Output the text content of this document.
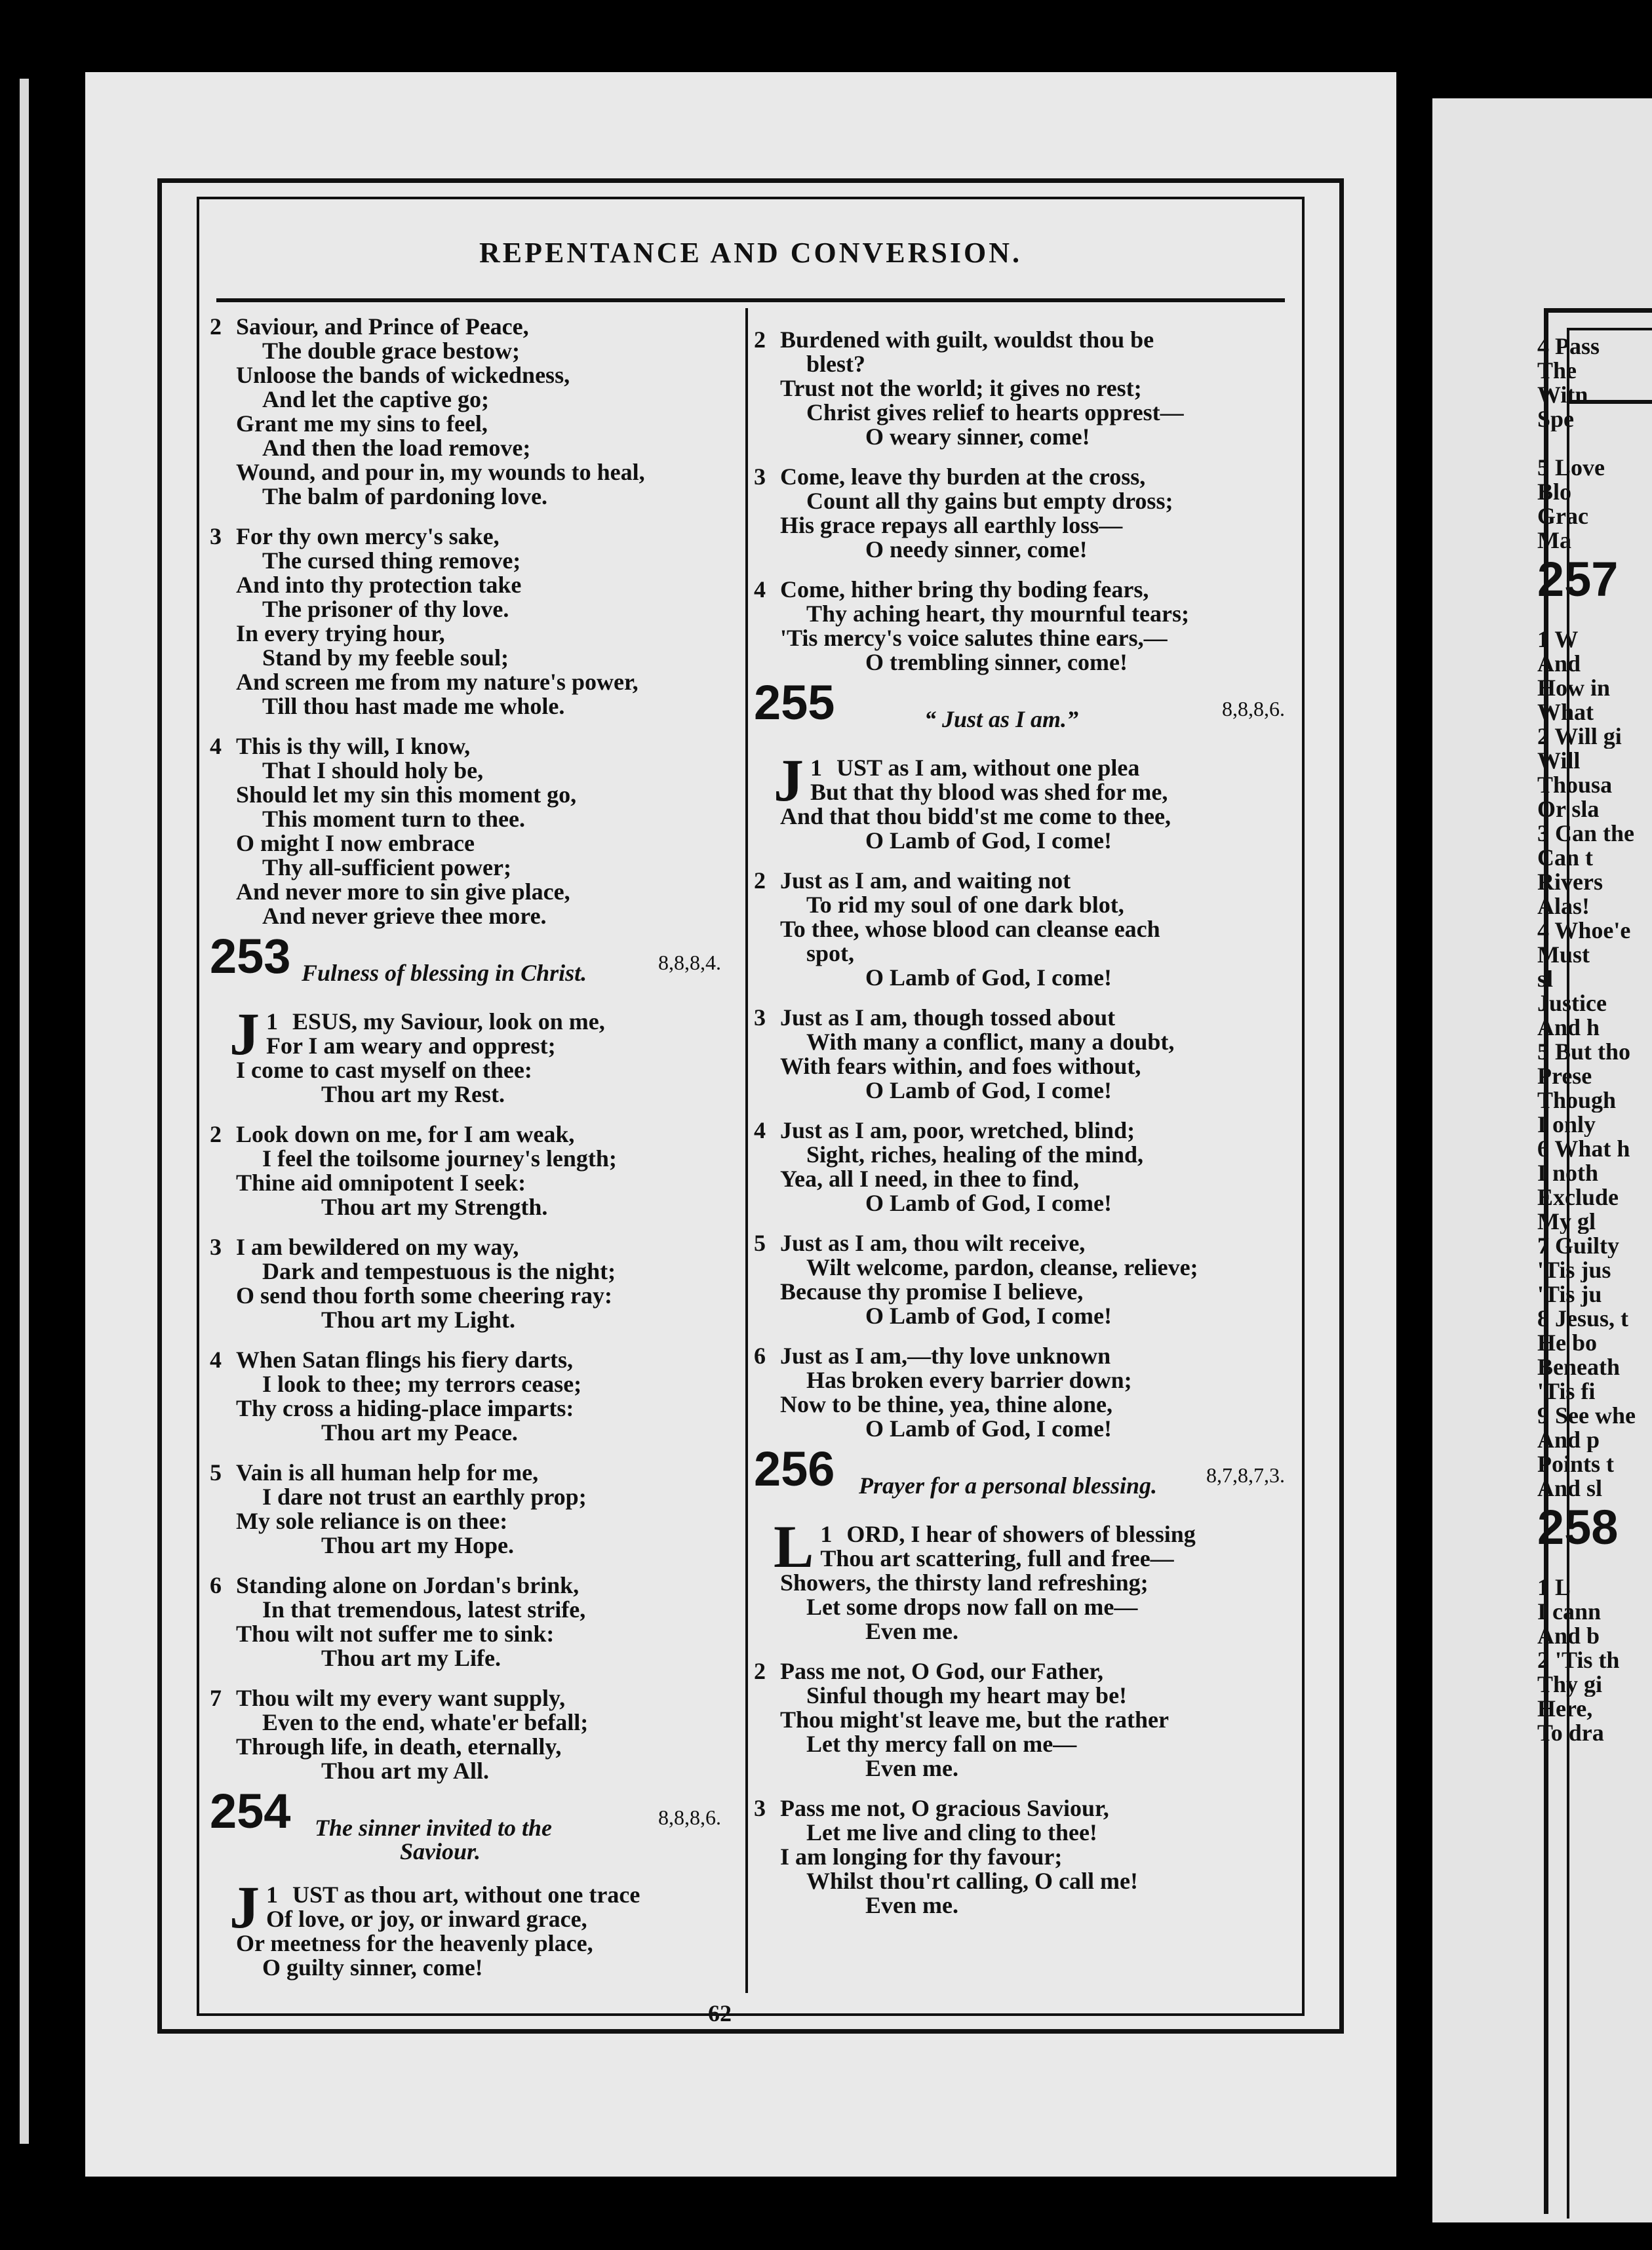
REPENTANCE AND CONVERSION.
2 Saviour, and Prince of Peace,
The double grace bestow;
Unloose the bands of wickedness,
And let the captive go;
Grant me my sins to feel,
And then the load remove;
Wound, and pour in, my wounds to heal,
The balm of pardoning love.
3 For thy own mercy's sake,
The cursed thing remove;
And into thy protection take
The prisoner of thy love.
In every trying hour,
Stand by my feeble soul;
And screen me from my nature's power,
Till thou hast made me whole.
4 This is thy will, I know,
That I should holy be,
Should let my sin this moment go,
This moment turn to thee.
O might I now embrace
Thy all-sufficient power;
And never more to sin give place,
And never grieve thee more.
253 Fulness of blessing in Christ.	8,8,8,4.
1
J ESUS, my Saviour, look on me,
For I am weary and opprest;
I come to cast myself on thee:
Thou art my Rest.
2 Look down on me, for I am weak,
I feel the toilsome journey's length;
Thine aid omnipotent I seek:
Thou art my Strength.
3 I am bewildered on my way,
Dark and tempestuous is the night;
O send thou forth some cheering ray:
Thou art my Light.
4 When Satan flings his fiery darts,
I look to thee; my terrors cease;
Thy cross a hiding-place imparts:
Thou art my Peace.
5 Vain is all human help for me,
I dare not trust an earthly prop;
My sole reliance is on thee:
Thou art my Hope.
6 Standing alone on Jordan's brink,
In that tremendous, latest strife,
Thou wilt not suffer me to sink:
Thou art my Life.
7 Thou wilt my every want supply,
Even to the end, whate'er befall;
Through life, in death, eternally,
Thou art my All.
254 The sinner invited to the
Saviour.
8,8,8,6.
1
J UST as thou art, without one trace
Of love, or joy, or inward grace,
Or meetness for the heavenly place,
O guilty sinner, come!
2 Burdened with guilt, wouldst thou be
blest?
Trust not the world; it gives no rest;
Christ gives relief to hearts opprest—
O weary sinner, come!
3 Come, leave thy burden at the cross,
Count all thy gains but empty dross;
His grace repays all earthly loss—
O needy sinner, come!
4 Come, hither bring thy boding fears,
Thy aching heart, thy mournful tears;
'Tis mercy's voice salutes thine ears,—
O trembling sinner, come!
255	“ Just as I am.”	8,8,8,6.
1
J UST as I am, without one plea
But that thy blood was shed for me,
And that thou bidd'st me come to thee,
O Lamb of God, I come!
2 Just as I am, and waiting not
To rid my soul of one dark blot,
To thee, whose blood can cleanse each
spot,
O Lamb of God, I come!
3 Just as I am, though tossed about
With many a conflict, many a doubt,
With fears within, and foes without,
O Lamb of God, I come!
4 Just as I am, poor, wretched, blind;
Sight, riches, healing of the mind,
Yea, all I need, in thee to find,
O Lamb of God, I come!
5 Just as I am, thou wilt receive,
Wilt welcome, pardon, cleanse, relieve;
Because thy promise I believe,
O Lamb of God, I come!
6 Just as I am,—thy love unknown
Has broken every barrier down;
Now to be thine, yea, thine alone,
O Lamb of God, I come!
256 Prayer for a personal blessing. 8,7,8,7,3.
1
L ORD, I hear of showers of blessing
Thou art scattering, full and free—
Showers, the thirsty land refreshing;
Let some drops now fall on me—
Even me.
2 Pass me not, O God, our Father,
Sinful though my heart may be!
Thou might'st leave me, but the rather
Let thy mercy fall on me—
Even me.
3 Pass me not, O gracious Saviour,
Let me live and cling to thee!
I am longing for thy favour;
Whilst thou'rt calling, O call me!
Even me.
62
4 Pass
The
Witn
Spe

5 Love
Blo
Grac
Ma
257
1 W
And
How in
What
2 Will gi
Will
Thousa
Or sla
3 Can the
Can t
Rivers
Alas!
4 Whoe'e
Must
sl
Justice
And h
5 But tho
Prese
Though
I only
6 What h
I noth
Exclude
My gl
7 Guilty
'Tis jus
'Tis ju
8 Jesus, t
He bo
Beneath
'Tis fi
9 See whe
And p
Points t
And sl
258
1 L
I cann
And b
2 'Tis th
Thy gi
Here,
To dra
